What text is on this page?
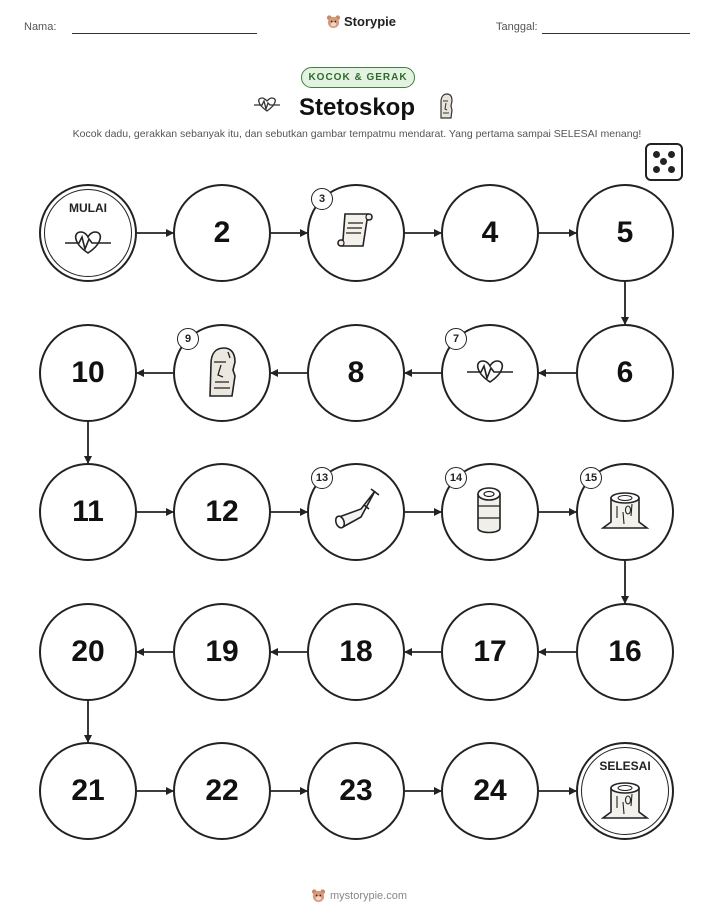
Nama:	Storypie	Tanggal:
KOCOK & GERAK
Stetoskop
Kocok dadu, gerakkan sebanyak itu, dan sebutkan gambar tempatmu mendarat. Yang pertama sampai SELESAI menang!
MULAI
2
3
4	5
6
7
8
9
10
11	12
13	14	15
16
17
18
19
20
21	22	23	24
SELESAI
mystorypie.com
